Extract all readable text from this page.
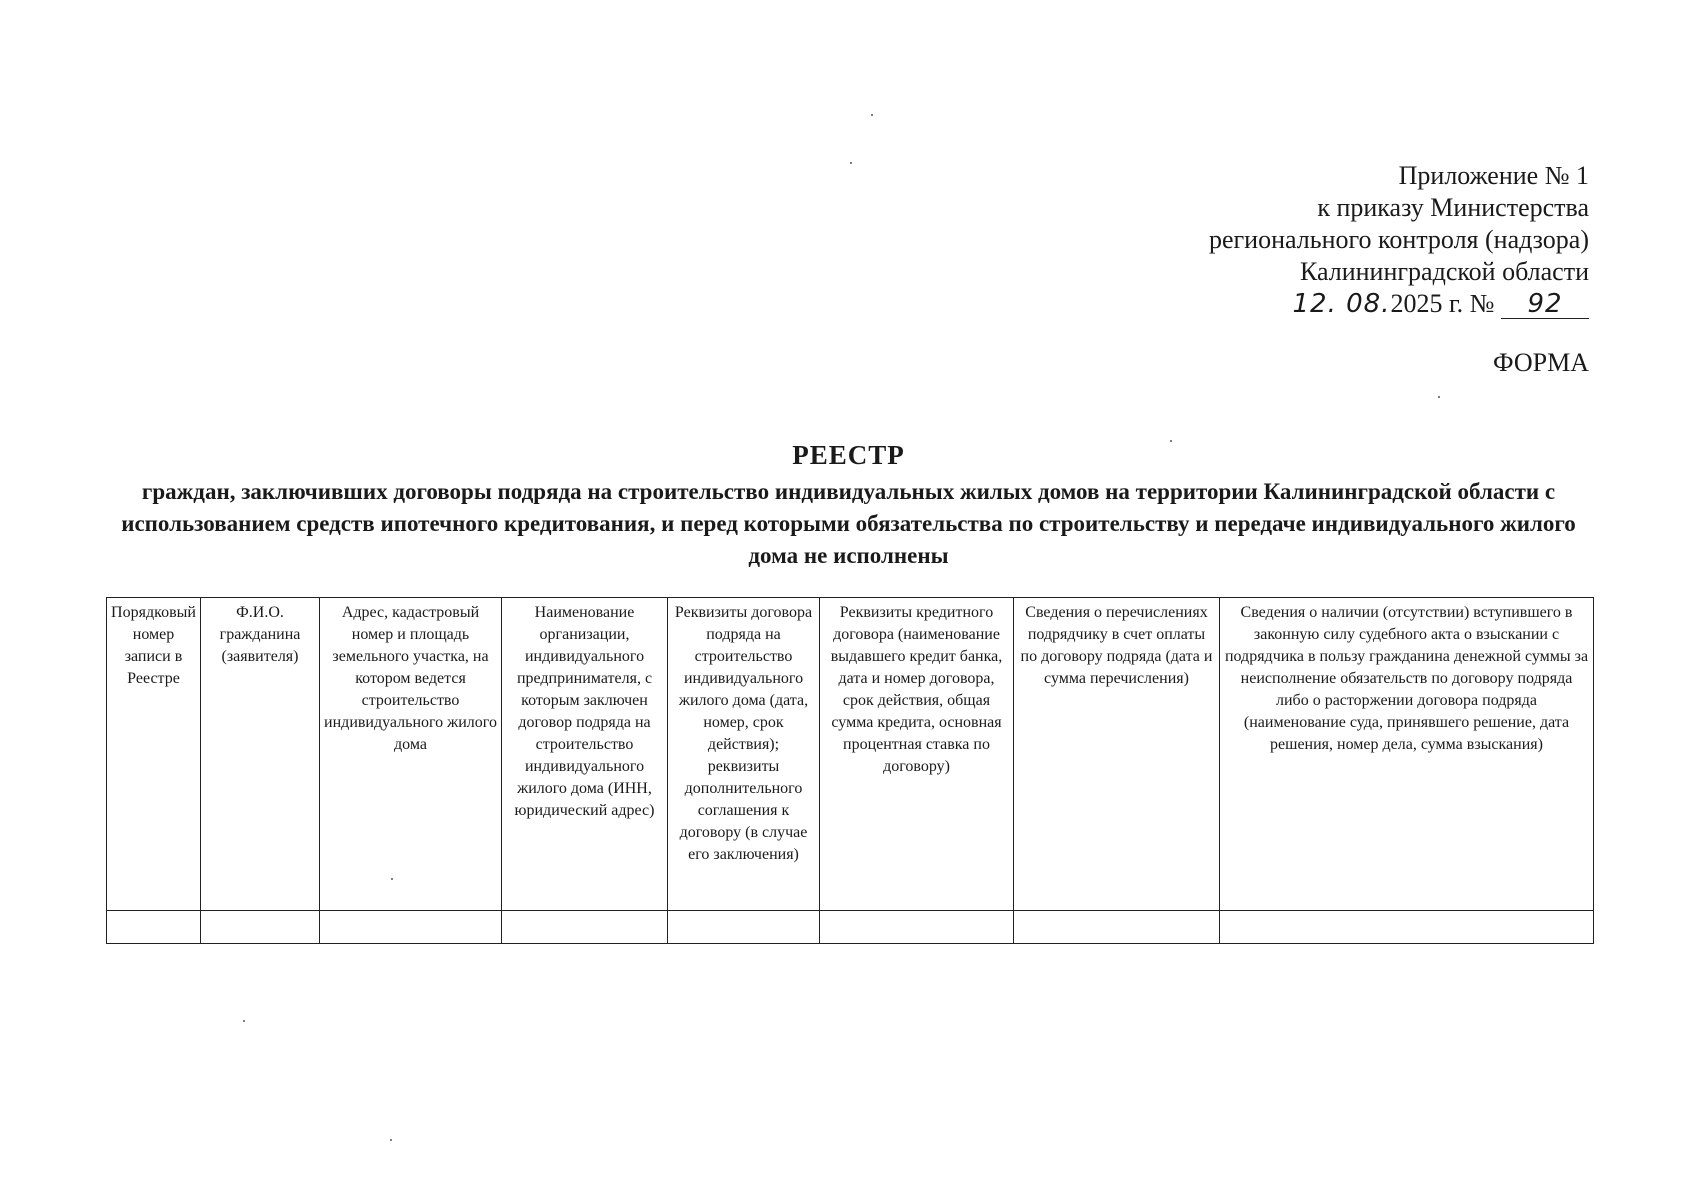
Приложение № 1
к приказу Министерства
регионального контроля (надзора)
Калининградской области
12. 08.2025 г. № 92
ФОРМА
РЕЕСТР
граждан, заключивших договоры подряда на строительство индивидуальных жилых домов на территории Калининградской области с использованием средств ипотечного кредитования, и перед которыми обязательства по строительству и передаче индивидуального жилого дома не исполнены
Порядковый номер записи в Реестре	Ф.И.О. гражданина (заявителя)	Адрес, кадастровый номер и площадь земельного участка, на котором ведется строительство индивидуального жилого дома	Наименование организации, индивидуального предпринимателя, с которым заключен договор подряда на строительство индивидуального жилого дома (ИНН, юридический адрес)	Реквизиты договора подряда на строительство индивидуального жилого дома (дата, номер, срок действия); реквизиты дополнительного соглашения к договору (в случае его заключения)	Реквизиты кредитного договора (наименование выдавшего кредит банка, дата и номер договора, срок действия, общая сумма кредита, основная процентная ставка по договору)	Сведения о перечислениях подрядчику в счет оплаты по договору подряда (дата и сумма перечисления)	Сведения о наличии (отсутствии) вступившего в законную силу судебного акта о взыскании с подрядчика в пользу гражданина денежной суммы за неисполнение обязательств по договору подряда либо о расторжении договора подряда (наименование суда, принявшего решение, дата решения, номер дела, сумма взыскания)
